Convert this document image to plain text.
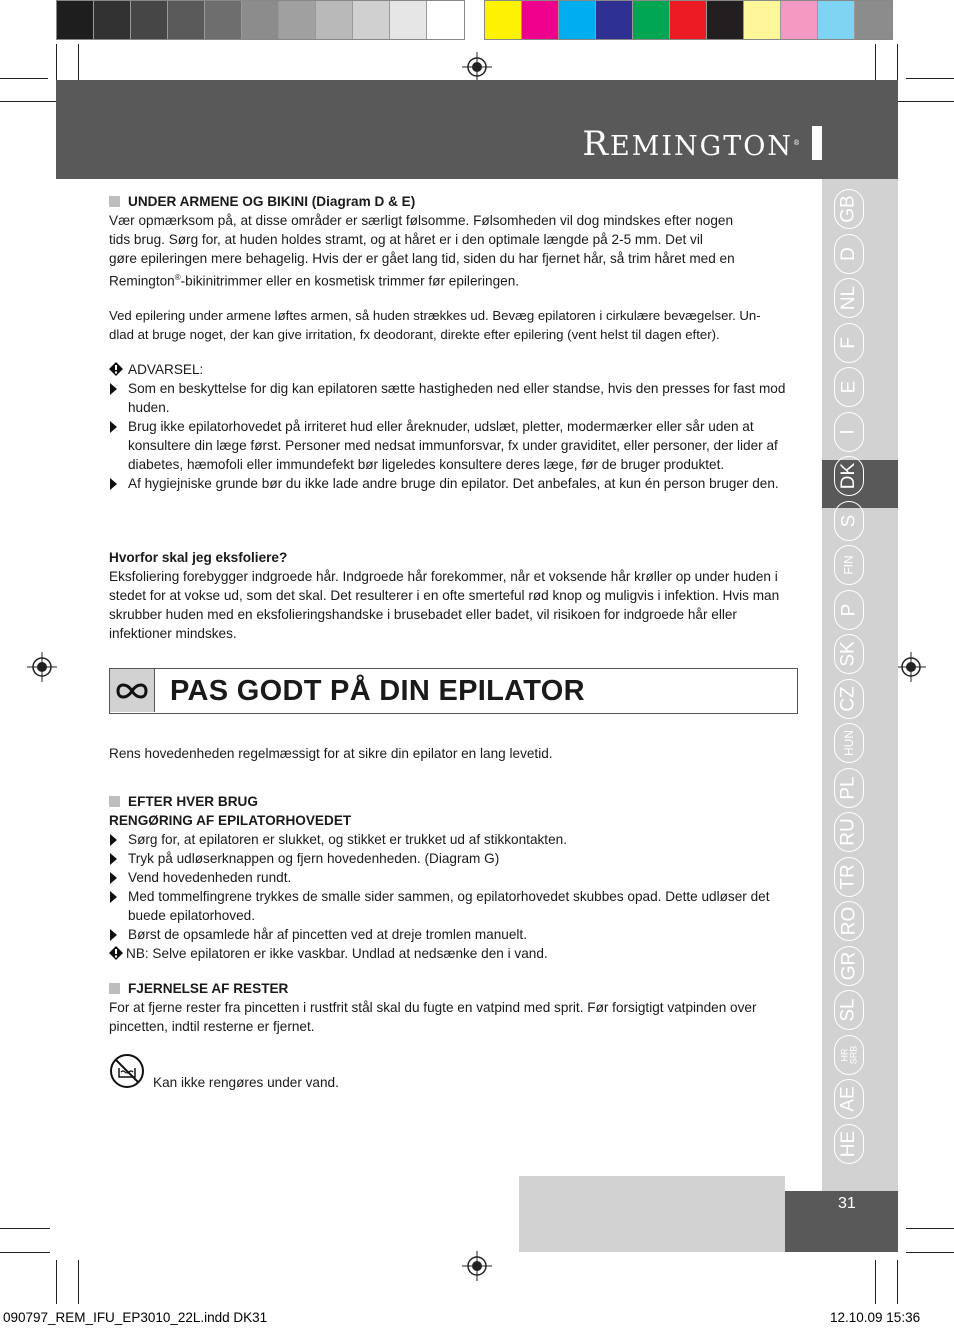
REMINGTON®
GB
D
NL
F
E
I
DK
S
FIN
P
SK
CZ
HUN
PL
RU
TR
RO
GR
SL
HR
SRB
AE
HE
UNDER ARMENE OG BIKINI (Diagram D & E)
Vær opmærksom på, at disse områder er særligt følsomme. Følsomheden vil dog mindskes efter nogen
tids brug. Sørg for, at huden holdes stramt, og at håret er i den optimale længde på 2-5 mm. Det vil
gøre epileringen mere behagelig. Hvis der er gået lang tid, siden du har fjernet hår, så trim håret med en
Remington®-bikinitrimmer eller en kosmetisk trimmer før epileringen.
Ved epilering under armene løftes armen, så huden strækkes ud. Bevæg epilatoren i cirkulære bevægelser. Un-
dlad at bruge noget, der kan give irritation, fx deodorant, direkte efter epilering (vent helst til dagen efter).
ADVARSEL:
Som en beskyttelse for dig kan epilatoren sætte hastigheden ned eller standse, hvis den presses for fast mod huden.
Brug ikke epilatorhovedet på irriteret hud eller åreknuder, udslæt, pletter, modermærker eller sår uden at konsultere din læge først. Personer med nedsat immunforsvar, fx under graviditet, eller personer, der lider af diabetes, hæmofoli eller immundefekt bør ligeledes konsultere deres læge, før de bruger produktet.
Af hygiejniske grunde bør du ikke lade andre bruge din epilator. Det anbefales, at kun én person bruger den.
Hvorfor skal jeg eksfoliere?
Eksfoliering forebygger indgroede hår. Indgroede hår forekommer, når et voksende hår krøller op under huden i stedet for at vokse ud, som det skal. Det resulterer i en ofte smerteful rød knop og muligvis i infektion. Hvis man skrubber huden med en eksfolieringshandske i brusebadet eller badet, vil risikoen for indgroede hår eller infektioner mindskes.
PAS GODT PÅ DIN EPILATOR
Rens hovedenheden regelmæssigt for at sikre din epilator en lang levetid.
EFTER HVER BRUG
RENGØRING AF EPILATORHOVEDET
Sørg for, at epilatoren er slukket, og stikket er trukket ud af stikkontakten.
Tryk på udløserknappen og fjern hovedenheden. (Diagram G)
Vend hovedenheden rundt.
Med tommelfingrene trykkes de smalle sider sammen, og epilatorhovedet skubbes opad. Dette udløser det buede epilatorhoved.
Børst de opsamlede hår af pincetten ved at dreje tromlen manuelt.
NB: Selve epilatoren er ikke vaskbar. Undlad at nedsænke den i vand.
FJERNELSE AF RESTER
For at fjerne rester fra pincetten i rustfrit stål skal du fugte en vatpind med sprit. Før forsigtigt vatpinden over pincetten, indtil resterne er fjernet.
Kan ikke rengøres under vand.
31
090797_REM_IFU_EP3010_22L.indd DK31	12.10.09 15:36
